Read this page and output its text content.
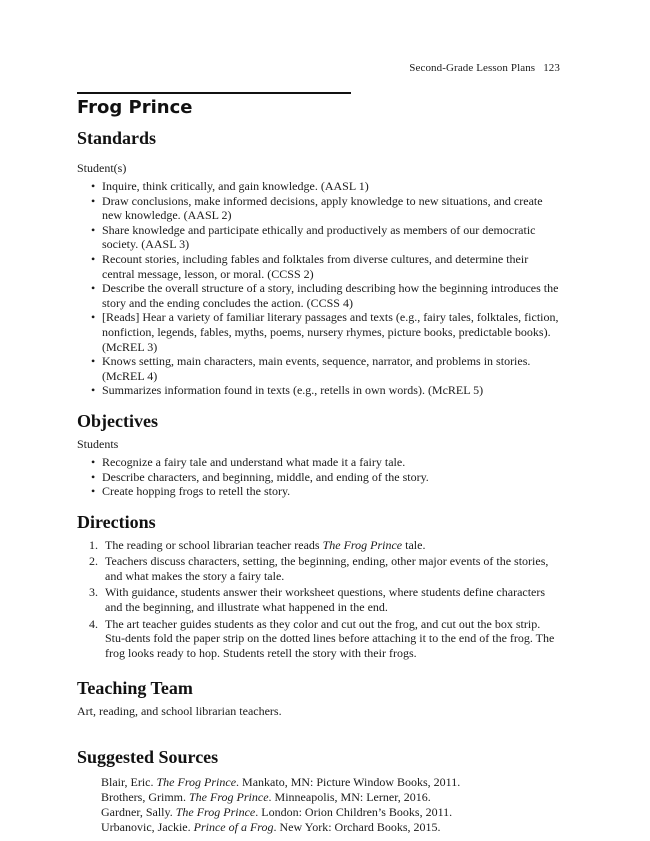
Second-Grade Lesson Plans 123
Frog Prince
Standards

Student(s)

• Inquire, think critically, and gain knowledge. (AASL 1)
• Draw conclusions, make informed decisions, apply knowledge to new situations, and create new knowledge. (AASL 2)
• Share knowledge and participate ethically and productively as members of our democratic society. (AASL 3)
• Recount stories, including fables and folktales from diverse cultures, and determine their central message, lesson, or moral. (CCSS 2)
• Describe the overall structure of a story, including describing how the beginning introduces the story and the ending concludes the action. (CCSS 4)
• [Reads] Hear a variety of familiar literary passages and texts (e.g., fairy tales, folktales, fiction, nonfiction, legends, fables, myths, poems, nursery rhymes, picture books, predictable books). (McREL 3)
• Knows setting, main characters, main events, sequence, narrator, and problems in stories. (McREL 4)
• Summarizes information found in texts (e.g., retells in own words). (McREL 5)
Objectives

Students

• Recognize a fairy tale and understand what made it a fairy tale.
• Describe characters, and beginning, middle, and ending of the story.
• Create hopping frogs to retell the story.
Directions
1. The reading or school librarian teacher reads The Frog Prince tale.
2. Teachers discuss characters, setting, the beginning, ending, other major events of the stories, and what makes the story a fairy tale.
3. With guidance, students answer their worksheet questions, where students define characters and the beginning, and illustrate what happened in the end.
4. The art teacher guides students as they color and cut out the frog, and cut out the box strip. Stu-dents fold the paper strip on the dotted lines before attaching it to the end of the frog. The frog looks ready to hop. Students retell the story with their frogs.
Teaching Team

Art, reading, and school librarian teachers.

Suggested Sources
Blair, Eric. The Frog Prince. Mankato, MN: Picture Window Books, 2011.
Brothers, Grimm. The Frog Prince. Minneapolis, MN: Lerner, 2016.
Gardner, Sally. The Frog Prince. London: Orion Children’s Books, 2011.
Urbanovic, Jackie. Prince of a Frog. New York: Orchard Books, 2015.
